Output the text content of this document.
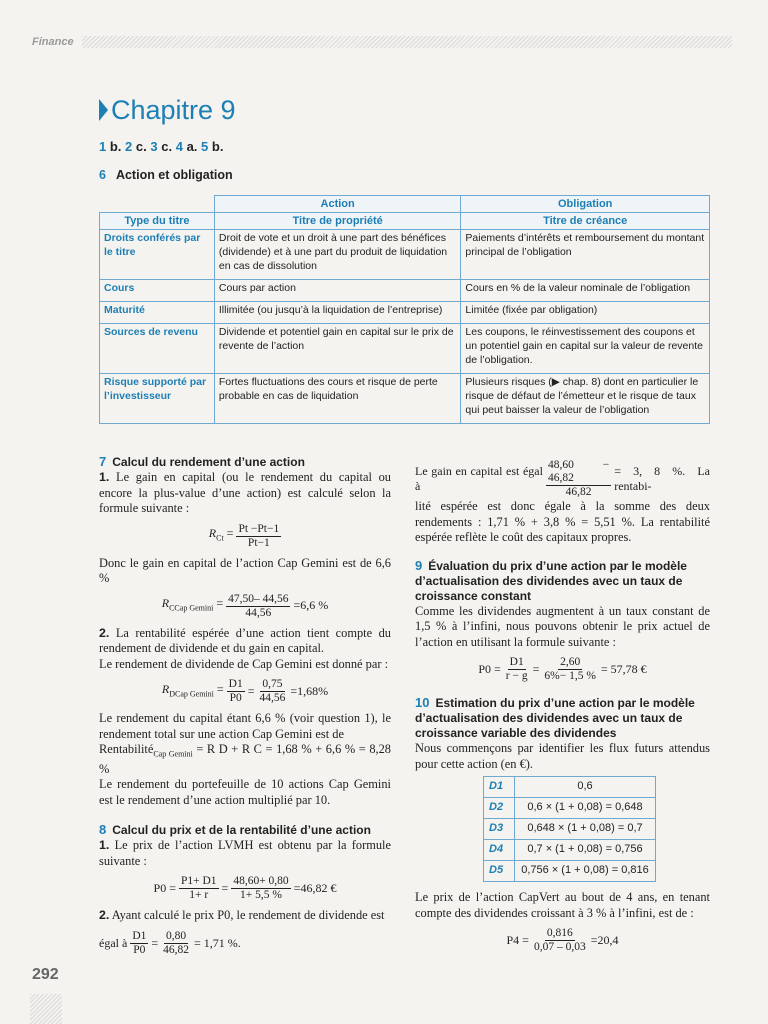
Finance
Chapitre 9
1 b. 2 c. 3 c. 4 a. 5 b.
6 Action et obligation
	Action	Obligation
Type du titre	Titre de propriété	Titre de créance
Droits conférés par le titre	Droit de vote et un droit à une part des bénéfices (dividende) et à une part du produit de liquidation en cas de dissolution	Paiements d’intérêts et remboursement du montant principal de l’obligation
Cours	Cours par action	Cours en % de la valeur nominale de l’obligation
Maturité	Illimitée (ou jusqu’à la liquidation de l’entreprise)	Limitée (fixée par obligation)
Sources de revenu	Dividende et potentiel gain en capital sur le prix de revente de l’action	Les coupons, le réinvestissement des coupons et un potentiel gain en capital sur la valeur de revente de l’obligation.
Risque supporté par l’investisseur	Fortes fluctuations des cours et risque de perte probable en cas de liquidation	Plusieurs risques (▶ chap. 8) dont en particulier le risque de défaut de l’émetteur et le risque de taux qui peut baisser la valeur de l’obligation
7 Calcul du rendement d’une action

1. Le gain en capital (ou le rendement du capital ou encore la plus-value d’une action) est calculé selon la formule suivante :

$R_{Ct} = \frac{Pt -Pt-1}{Pt-1}$

Donc le gain en capital de l’action Cap Gemini est de 6,6 %

$R_{CCap Gemini} = \frac{47,50- 44,56}{44,56} =6,6$ %

2. La rentabilité espérée d’une action tient compte du rendement de dividende et du gain en capital.

Le rendement de dividende de Cap Gemini est donné par :

$R_{DCap Gemini} = \frac{D1}{P0} = \frac{0,75}{44,56} =1,68\%$

Le rendement du capital étant 6,6 % (voir question 1), le rendement total sur une action Cap Gemini est de

Rentabilité$_{Cap Gemini}$ = R D + R C = 1,68 % + 6,6 % = 8,28 %

Le rendement du portefeuille de 10 actions Cap Gemini est le rendement d’une action multiplié par 10.

8 Calcul du prix et de la rentabilité d’une action

1. Le prix de l’action LVMH est obtenu par la formule suivante :

$P0 = \frac{P1+ D1}{1+ r} = \frac{48,60+ 0,80}{1+ 5,5 \%} =46,82$ €

2. Ayant calculé le prix P0, le rendement de dividende est

égal à $\frac{D1}{P0} = \frac{0,80}{46,82} = 1,71$ %.
Le gain en capital est égal à	$\frac{48,60 - 46,82}{46,82} = 3$, 8 %. La rentabi-

lité espérée est donc égale à la somme des deux rendements : 1,71 % + 3,8 % = 5,51 %. La rentabilité espérée reflète le coût des capitaux propres.

9 Évaluation du prix d’une action par le modèle d’actualisation des dividendes avec un taux de croissance constant

Comme les dividendes augmentent à un taux constant de 1,5 % à l’infini, nous pouvons obtenir le prix actuel de l’action en utilisant la formule suivante :

$P0 = \frac{D1}{r - g} = \frac{2,60}{6\%- 1,5 \%} = 57,78$ €
10 Estimation du prix d’une action par le modèle d’actualisation des dividendes avec un taux de croissance variable des dividendes

Nous commençons par identifier les flux futurs attendus pour cette action (en €).

D1	0,6
D2	0,6 × (1 + 0,08) = 0,648
D3	0,648 × (1 + 0,08) = 0,7
D4	0,7 × (1 + 0,08) = 0,756
D5	0,756 × (1 + 0,08) = 0,816

Le prix de l’action CapVert au bout de 4 ans, en tenant compte des dividendes croissant à 3 % à l’infini, est de :

$P4 = \frac{0,816}{0,07 - 0,03} =20,4$
292
